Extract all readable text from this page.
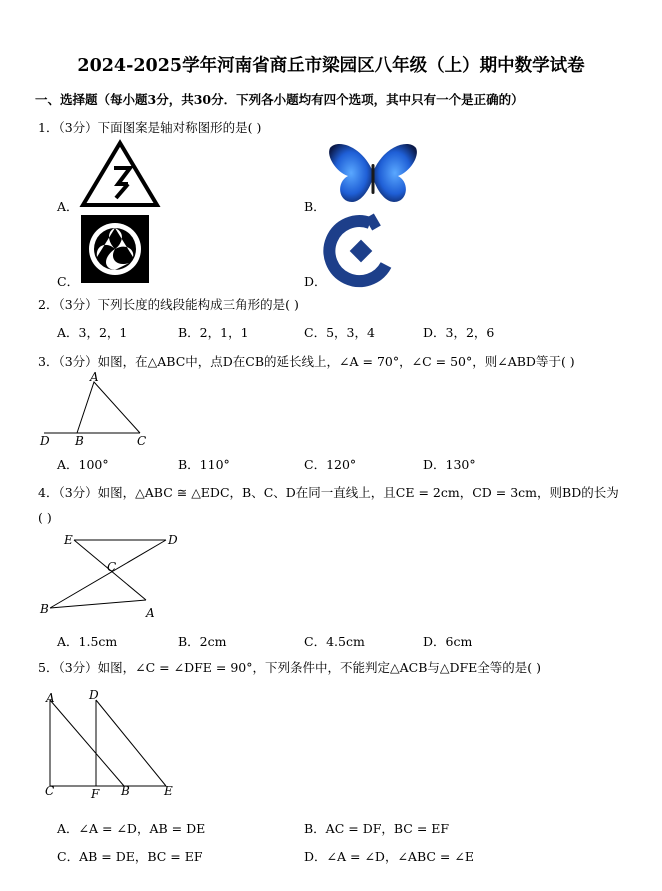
2024-2025学年河南省商丘市梁园区八年级（上）期中数学试卷
一、选择题（每小题3分，共30分．下列各小题均有四个选项，其中只有一个是正确的）
1．（3分）下面图案是轴对称图形的是( )
A．	B．
C．	D．
2．（3分）下列长度的线段能构成三角形的是( )
A．3，2，1	B．2，1，1	C．5，3，4	D．3，2，6
3．（3分）如图，在△ABC中，点D在CB的延长线上，∠A = 70°，∠C = 50°，则∠ABD等于( )
A
D B	C
A．100°	B．110°	C．120°	D．130°
4．（3分）如图，△ABC ≅ △EDC，B、C、D在同一直线上，且CE = 2cm，CD = 3cm，则BD的长为
( )
E	D
C
B	A
A．1.5cm	B．2cm	C．4.5cm	D．6cm
5．（3分）如图，∠C = ∠DFE = 90°，下列条件中，不能判定△ACB与△DFE全等的是( )
A	D
C	F B	E
A．∠A = ∠D，AB = DE	B．AC = DF，BC = EF
C．AB = DE，BC = EF	D．∠A = ∠D，∠ABC = ∠E
